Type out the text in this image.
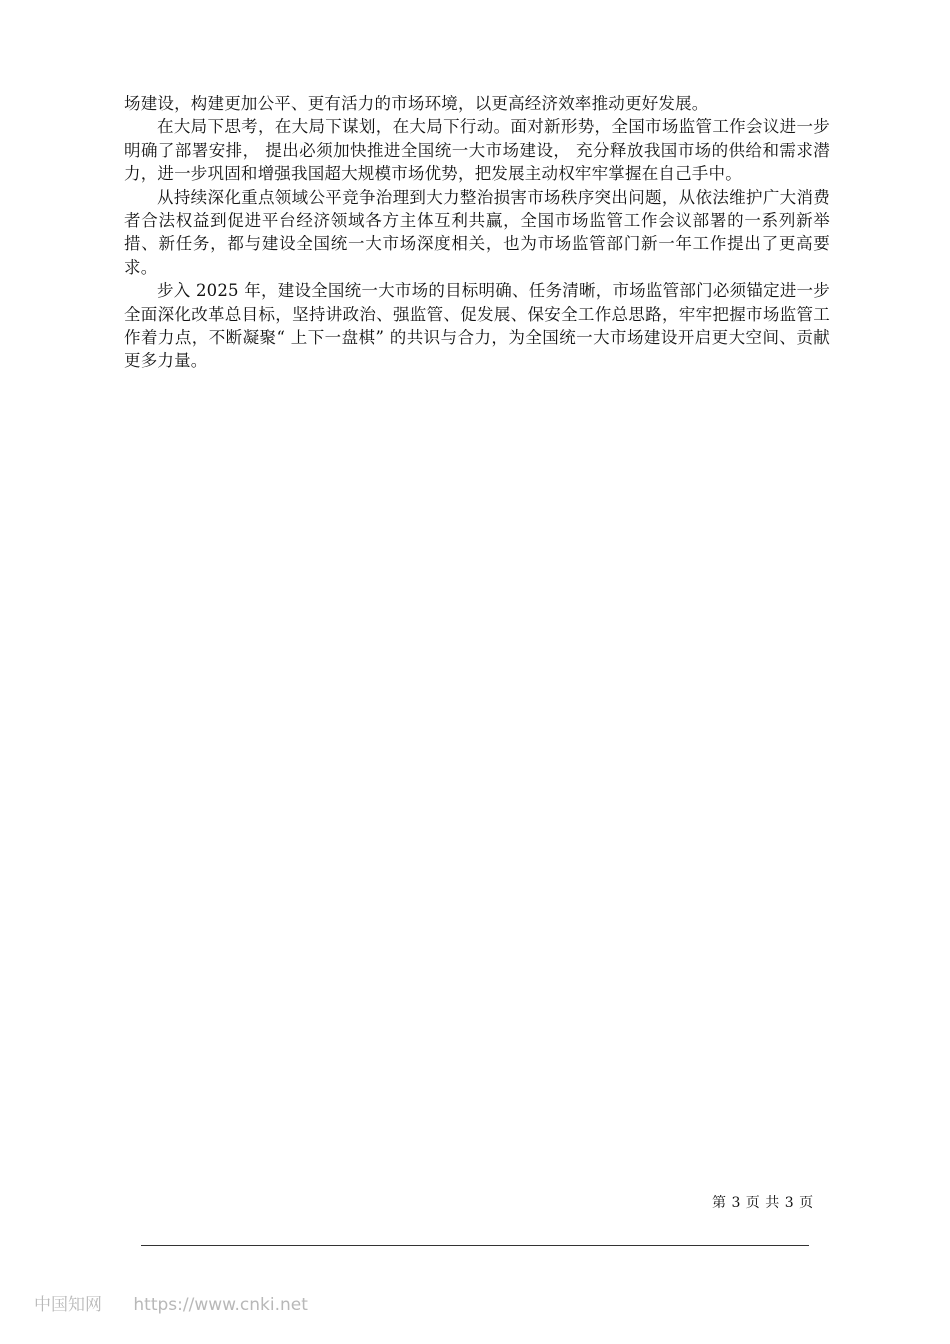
场建设，构建更加公平、更有活力的市场环境，以更高经济效率推动更好发展。

在大局下思考，在大局下谋划，在大局下行动。面对新形势，全国市场监管工作会议进一步明确了部署安排， 提出必须加快推进全国统一大市场建设， 充分释放我国市场的供给和需求潜力，进一步巩固和增强我国超大规模市场优势，把发展主动权牢牢掌握在自己手中。

从持续深化重点领域公平竞争治理到大力整治损害市场秩序突出问题，从依法维护广大消费者合法权益到促进平台经济领域各方主体互利共赢，全国市场监管工作会议部署的一系列新举措、新任务，都与建设全国统一大市场深度相关，也为市场监管部门新一年工作提出了更高要求。

步入 2025 年，建设全国统一大市场的目标明确、任务清晰，市场监管部门必须锚定进一步全面深化改革总目标，坚持讲政治、强监管、促发展、保安全工作总思路，牢牢把握市场监管工作着力点，不断凝聚“ 上下一盘棋” 的共识与合力，为全国统一大市场建设开启更大空间、贡献更多力量。

第 3 页 共 3 页
中国知网 https://www.cnki.net
